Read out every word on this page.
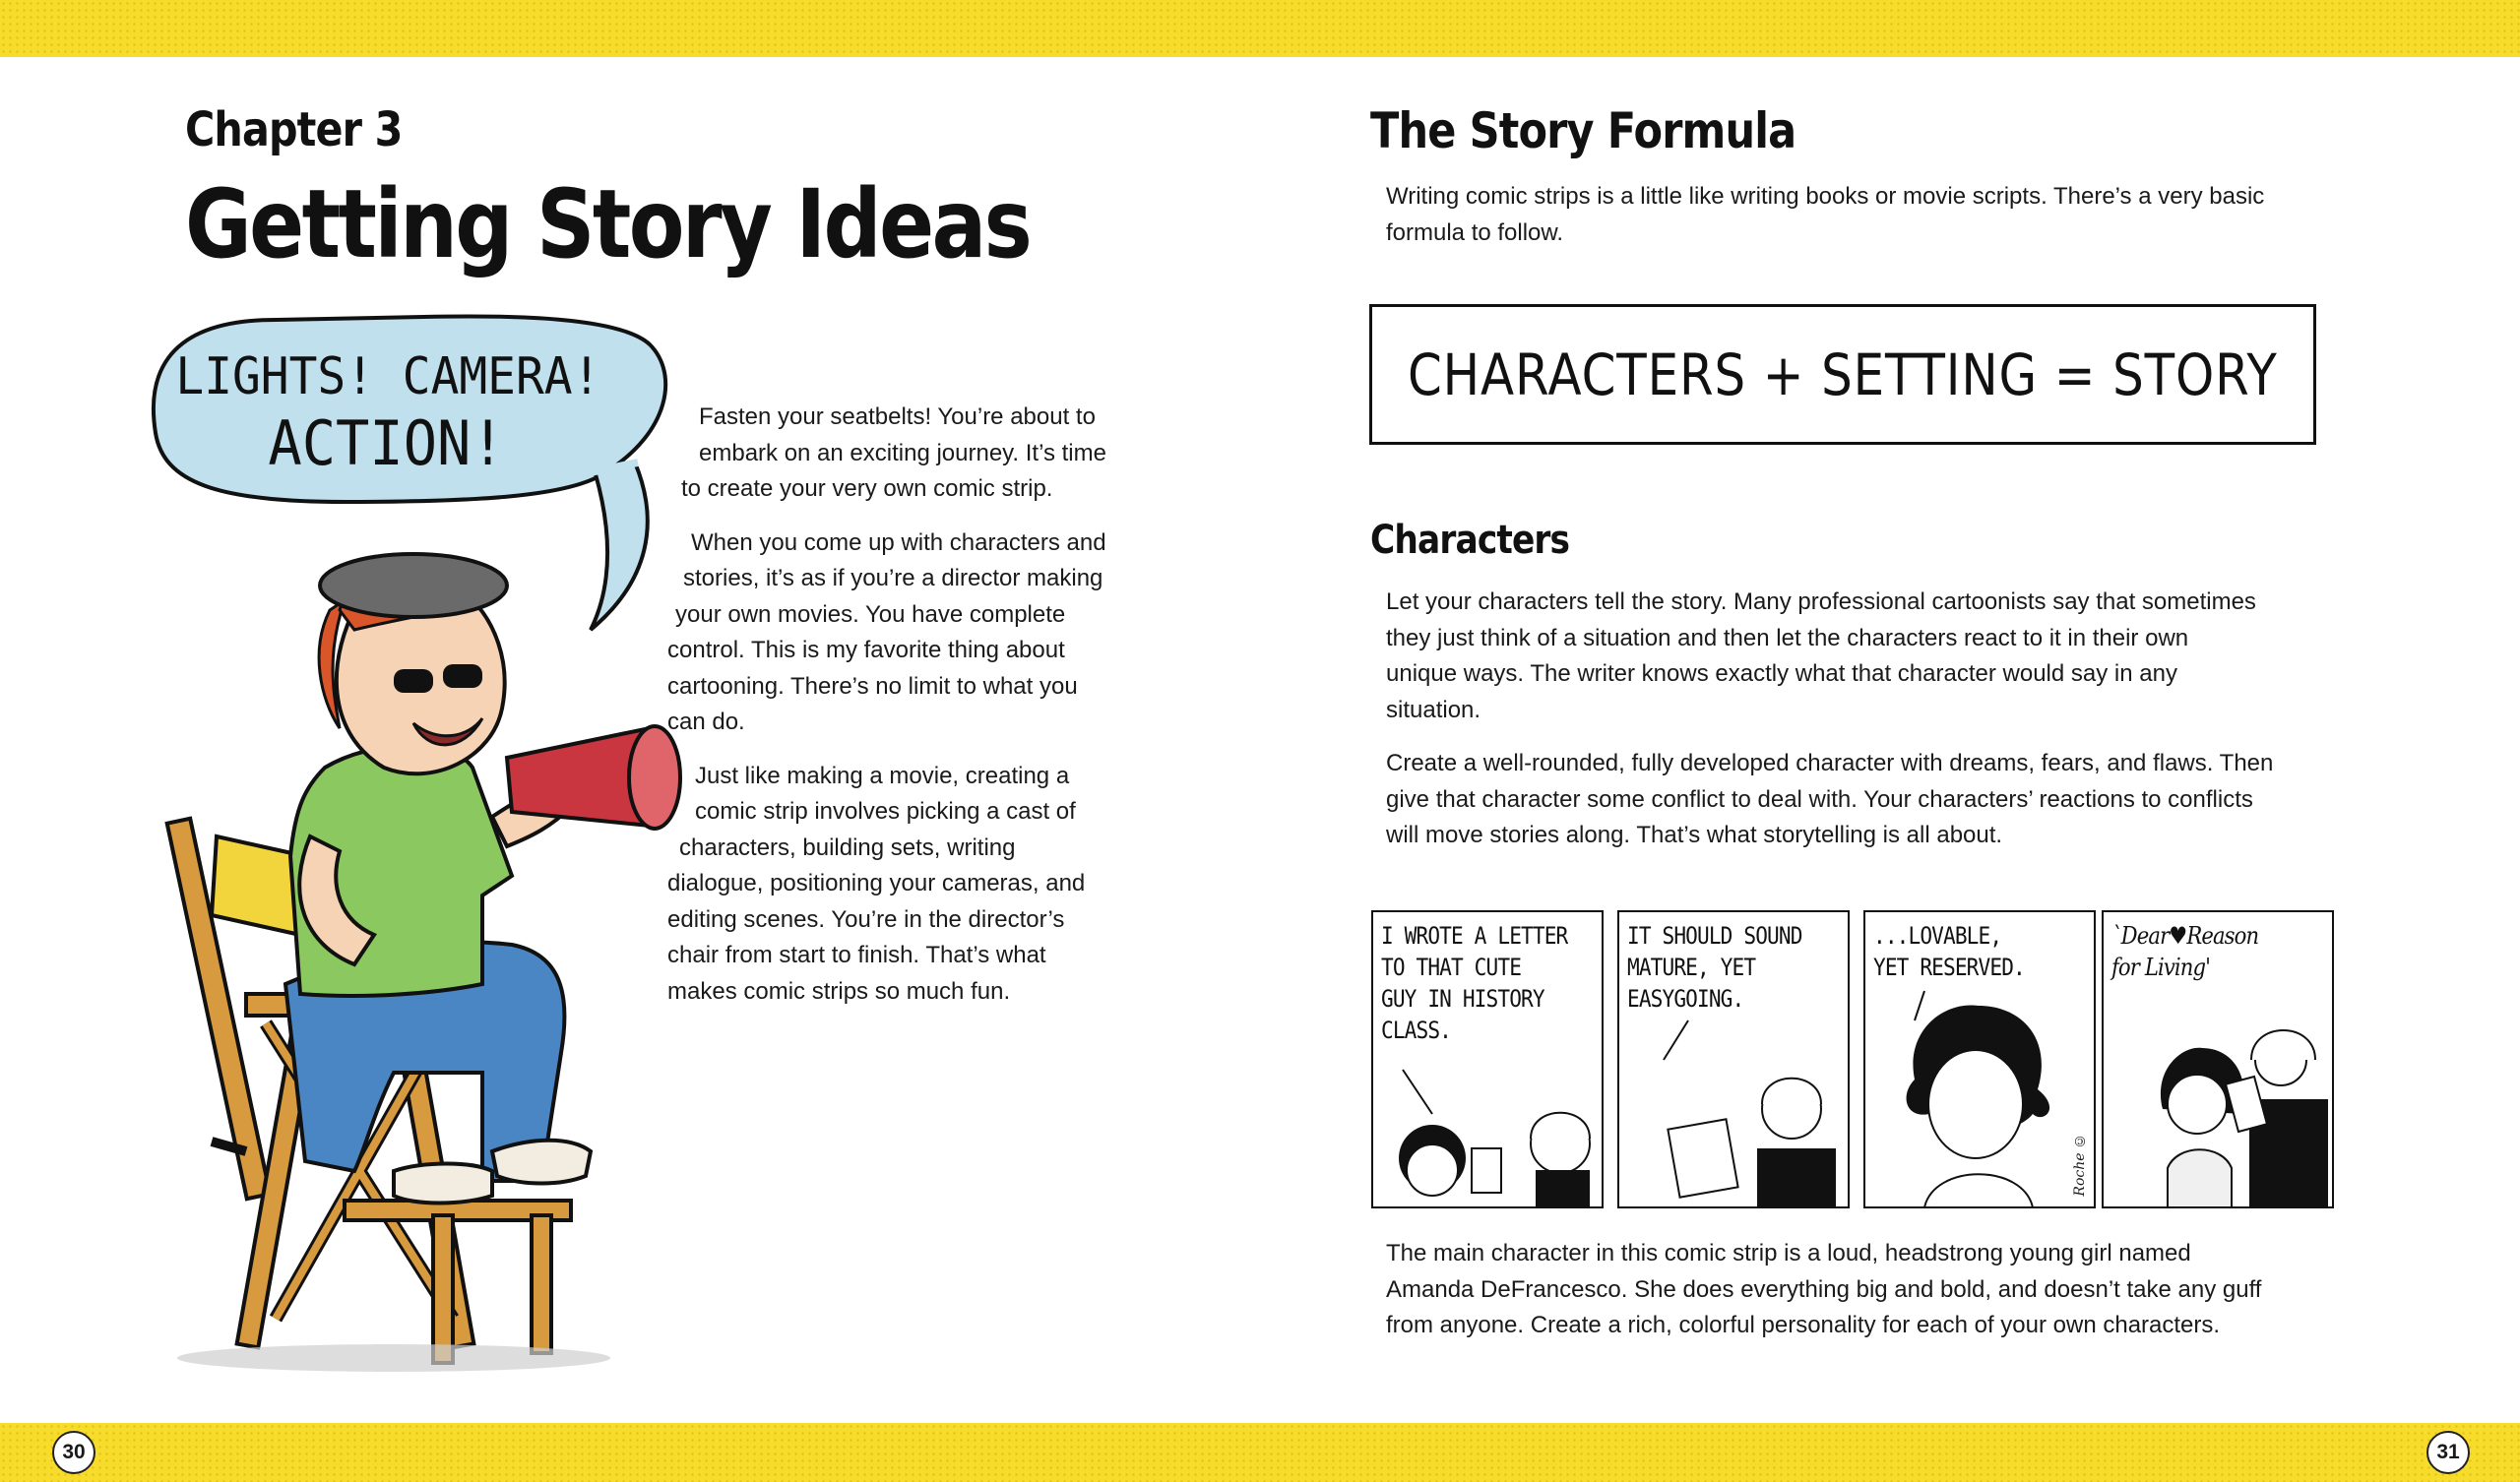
Chapter 3
Getting Story Ideas
LIGHTS! CAMERA!
ACTION!	Fasten your seatbelts! You’re about to
embark on an exciting journey. It’s time
to create your very own comic strip.
When you come up with characters and
stories, it’s as if you’re a director making
your own movies. You have complete
control. This is my favorite thing about
cartooning. There’s no limit to what you
can do.
Just like making a movie, creating a
comic strip involves picking a cast of
characters, building sets, writing
dialogue, positioning your cameras, and
editing scenes. You’re in the director’s
chair from start to finish. That’s what
makes comic strips so much fun.
30
The Story Formula
Writing comic strips is a little like writing books or movie scripts. There’s a very basic
formula to follow.
CHARACTERS + SETTING = STORY
Characters
Let your characters tell the story. Many professional cartoonists say that sometimes
they just think of a situation and then let the characters react to it in their own
unique ways. The writer knows exactly what that character would say in any
situation.
Create a well-rounded, fully developed character with dreams, fears, and flaws. Then
give that character some conflict to deal with. Your characters’ reactions to conflicts
will move stories along. That’s what storytelling is all about.
I WROTE A LETTER
TO THAT CUTE
GUY IN HISTORY
CLASS.
IT SHOULD SOUND
MATURE, YET
EASYGOING.
...LOVABLE,
YET RESERVED.
Roche ©
`Dear♥Reason
for Living'
The main character in this comic strip is a loud, headstrong young girl named
Amanda DeFrancesco. She does everything big and bold, and doesn’t take any guff
from anyone. Create a rich, colorful personality for each of your own characters.
31
